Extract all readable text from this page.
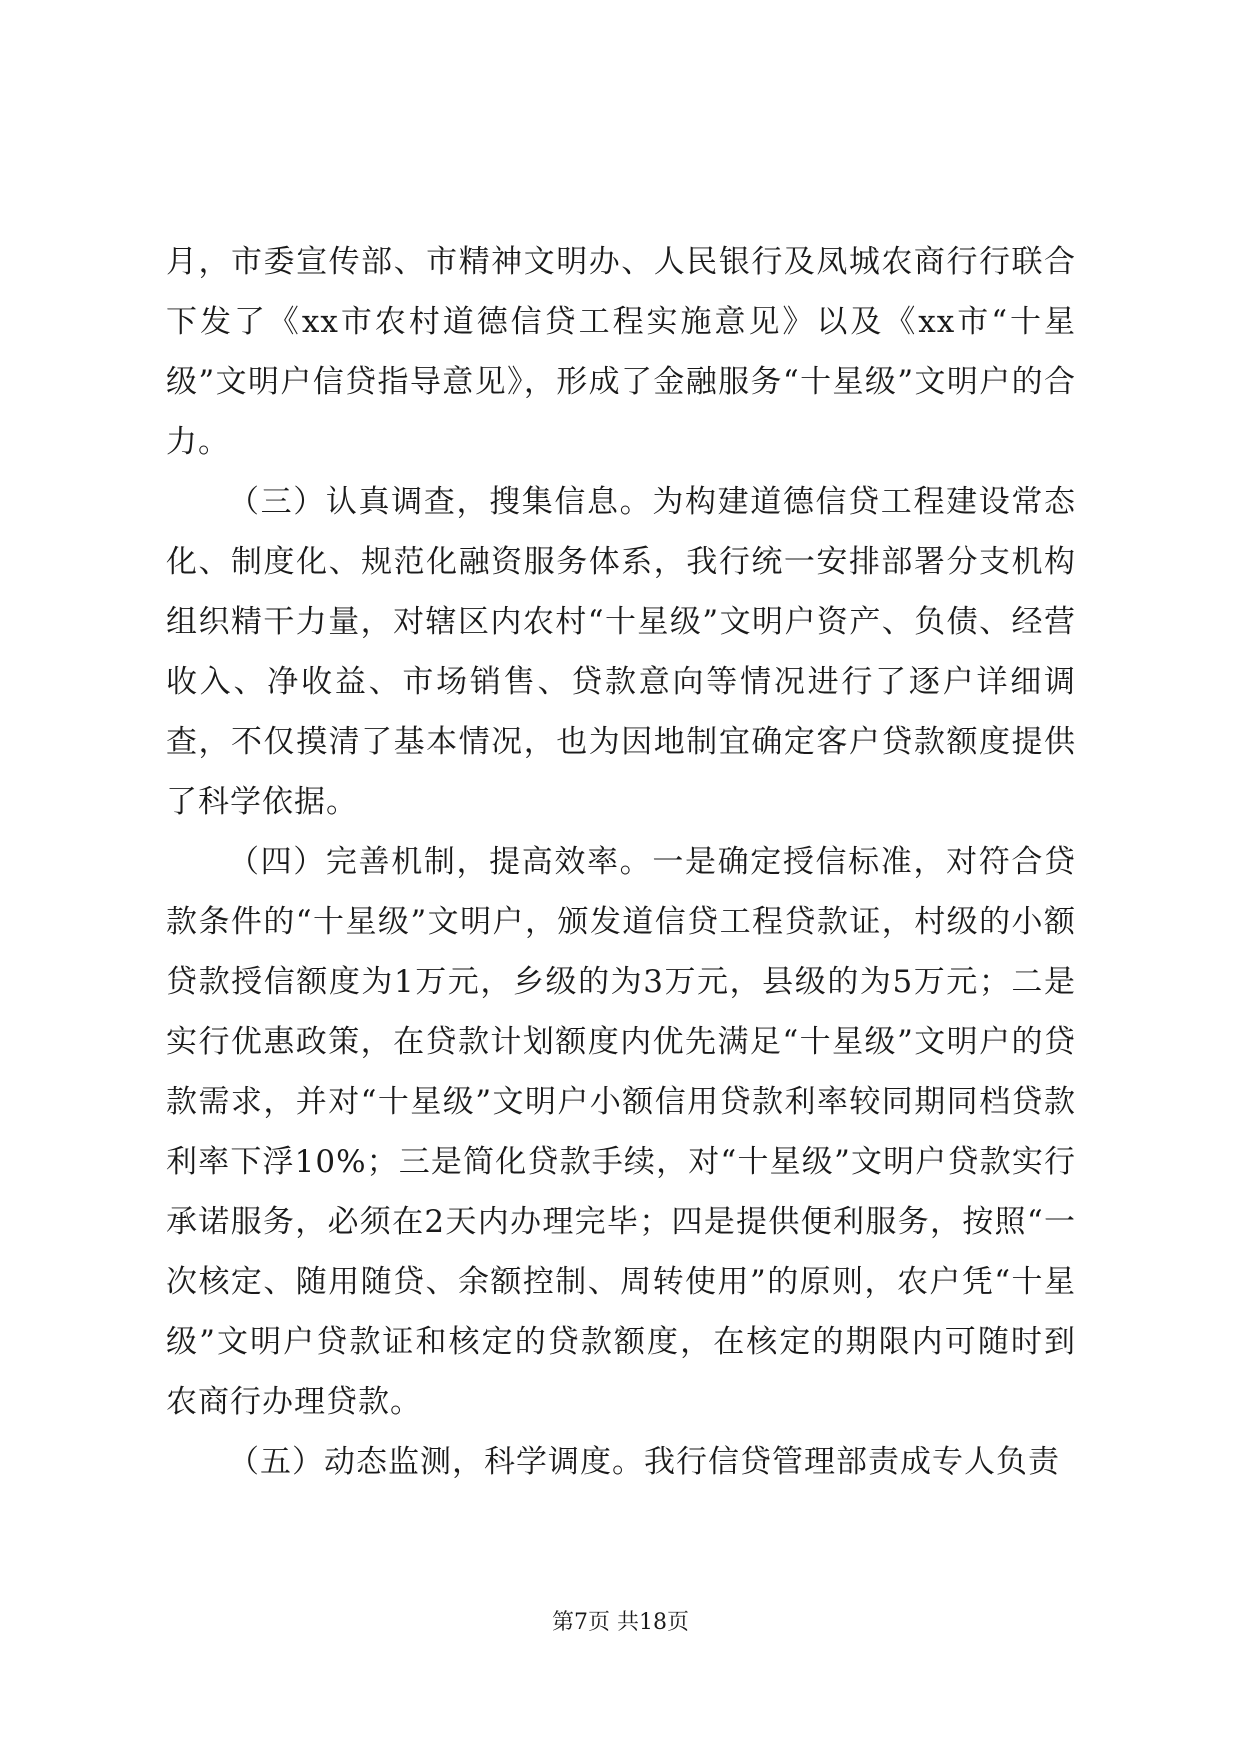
月，市委宣传部、市精神文明办、人民银行及凤城农商行行联合下发了《xx市农村道德信贷工程实施意见》以及《xx市“十星级”文明户信贷指导意见》，形成了金融服务“十星级”文明户的合力。

（三）认真调查，搜集信息。为构建道德信贷工程建设常态化、制度化、规范化融资服务体系，我行统一安排部署分支机构组织精干力量，对辖区内农村“十星级”文明户资产、负债、经营收入、净收益、市场销售、贷款意向等情况进行了逐户详细调查，不仅摸清了基本情况，也为因地制宜确定客户贷款额度提供了科学依据。

（四）完善机制，提高效率。一是确定授信标准，对符合贷款条件的“十星级”文明户，颁发道信贷工程贷款证，村级的小额贷款授信额度为1万元，乡级的为3万元，县级的为5万元；二是实行优惠政策，在贷款计划额度内优先满足“十星级”文明户的贷款需求，并对“十星级”文明户小额信用贷款利率较同期同档贷款利率下浮10%；三是简化贷款手续，对“十星级”文明户贷款实行承诺服务，必须在2天内办理完毕；四是提供便利服务，按照“一次核定、随用随贷、余额控制、周转使用”的原则，农户凭“十星级”文明户贷款证和核定的贷款额度，在核定的期限内可随时到农商行办理贷款。

（五）动态监测，科学调度。我行信贷管理部责成专人负责

第7页 共18页
